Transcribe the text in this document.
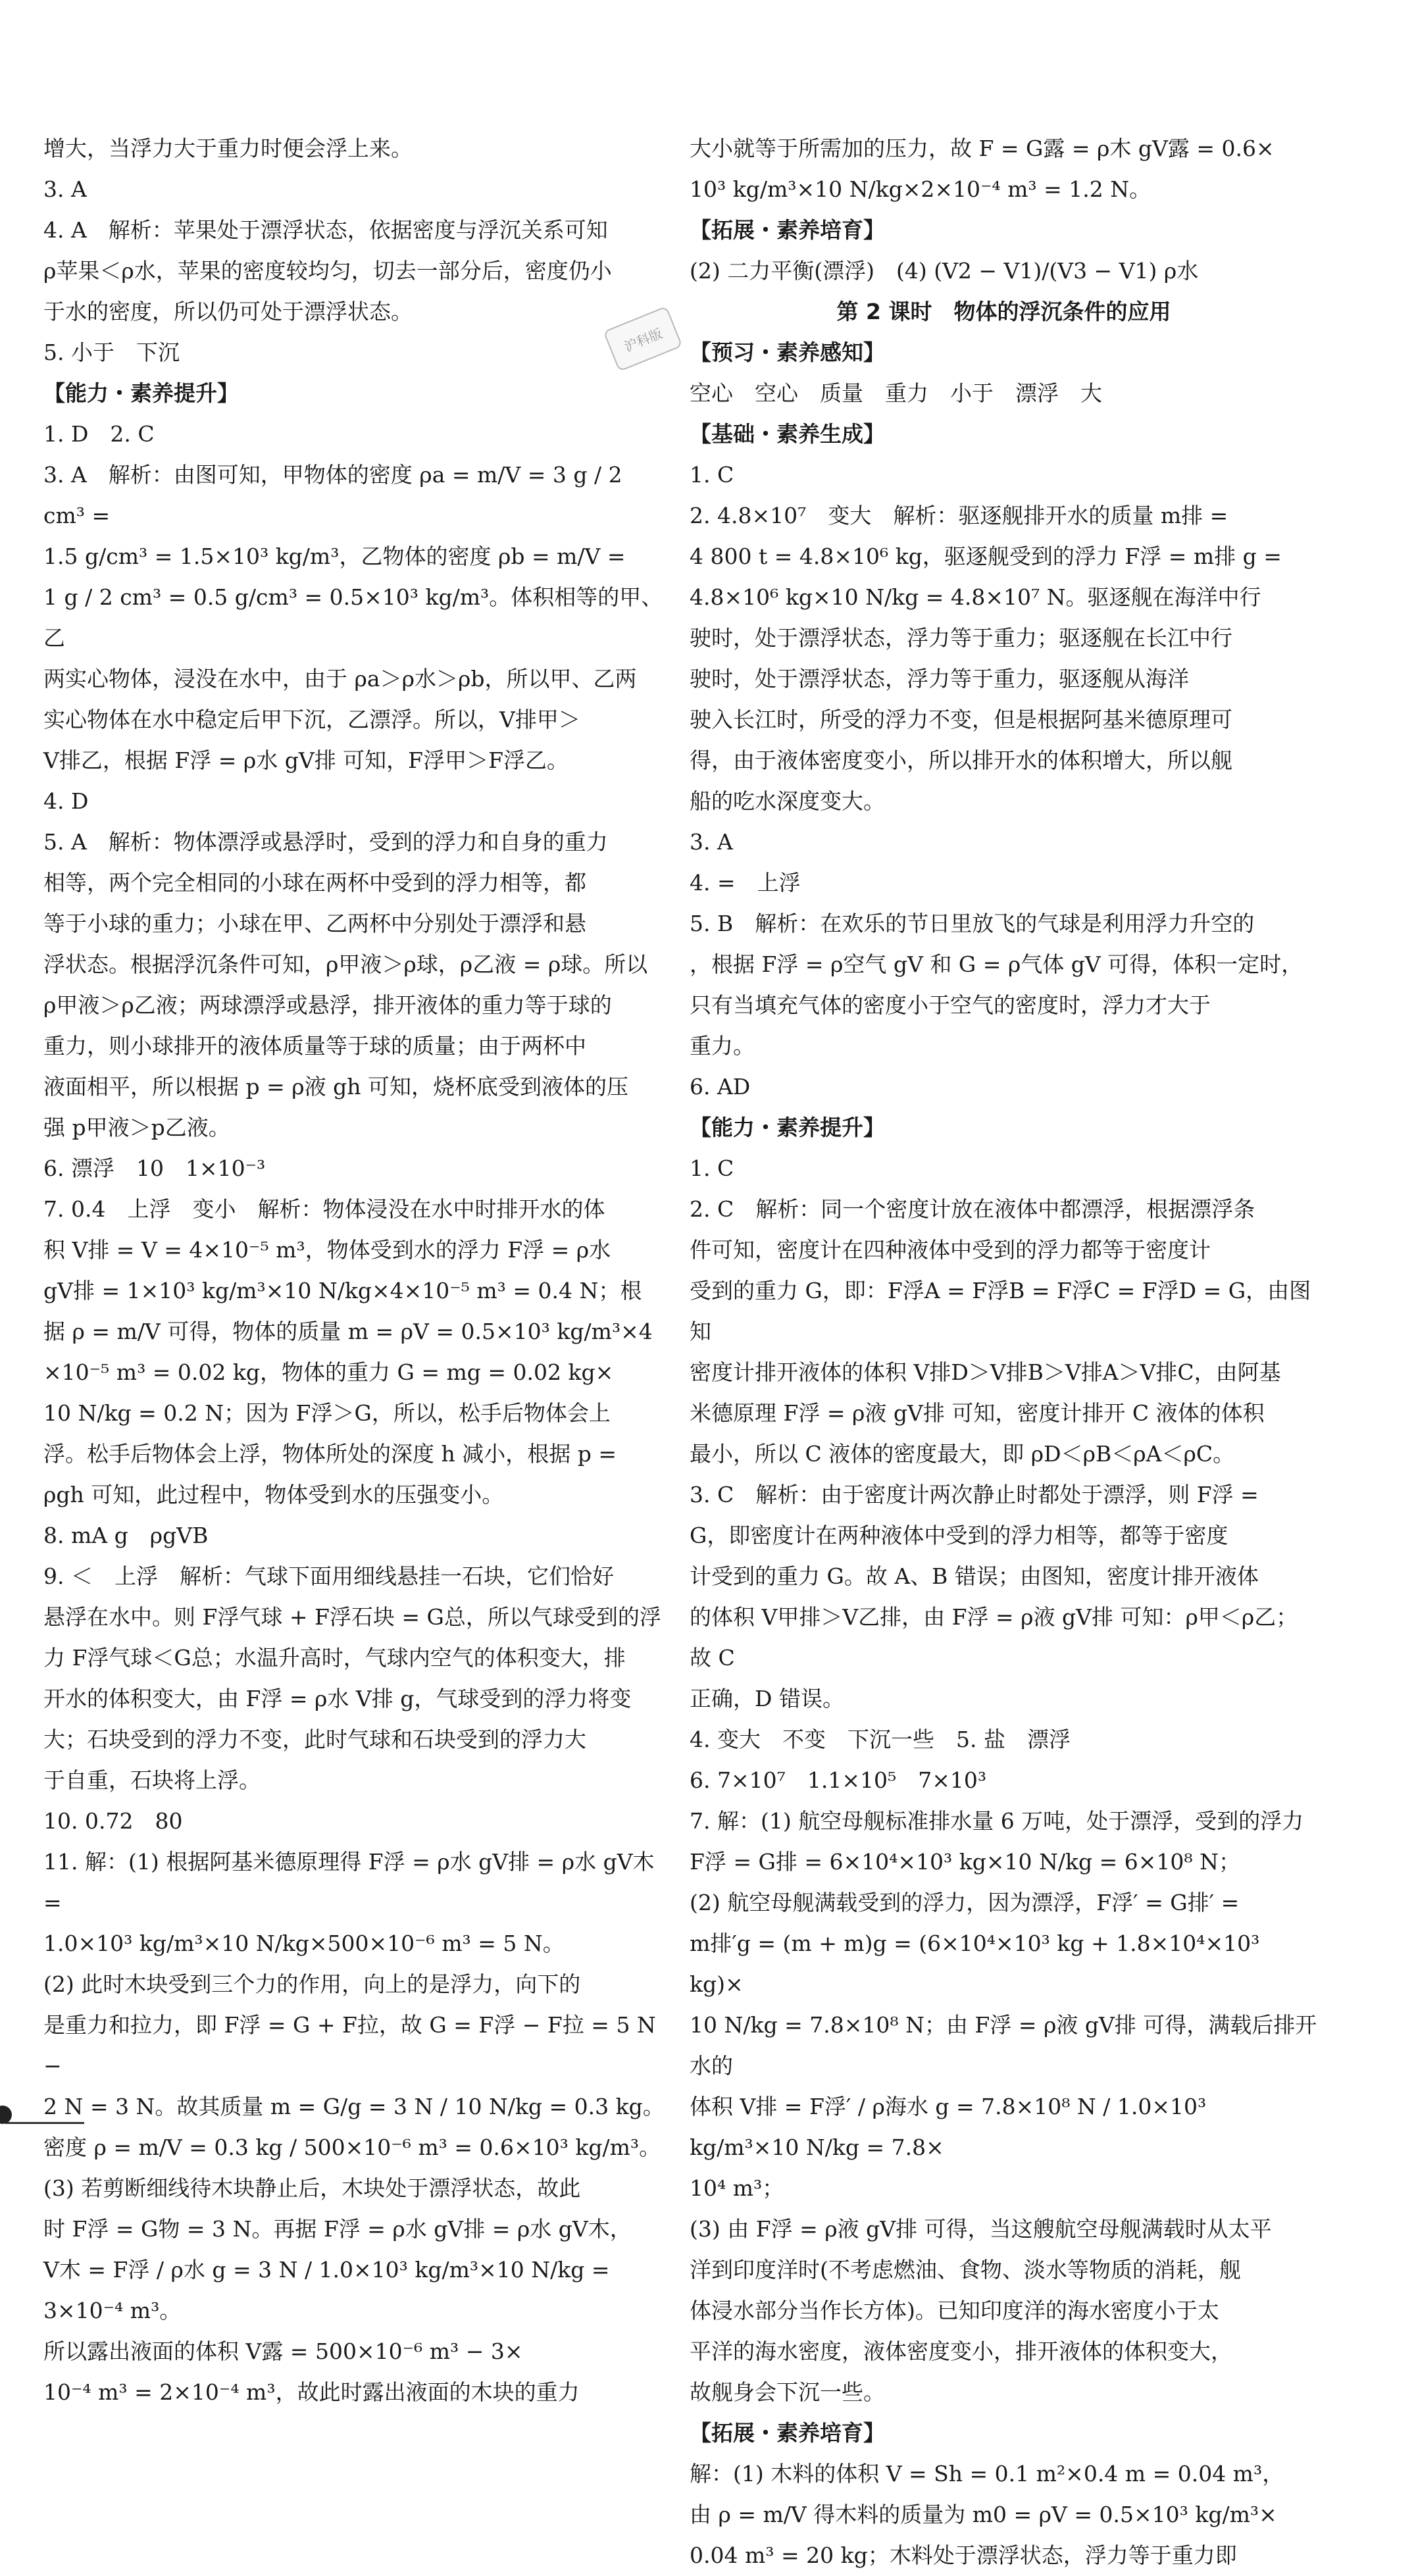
增大，当浮力大于重力时便会浮上来。

3. A

4. A　解析：苹果处于漂浮状态，依据密度与浮沉关系可知

ρ苹果＜ρ水，苹果的密度较均匀，切去一部分后，密度仍小

于水的密度，所以仍可处于漂浮状态。

5. 小于　下沉

【能力・素养提升】

1. D　2. C

3. A　解析：由图可知，甲物体的密度 ρa = m/V = 3 g / 2 cm³ =

1.5 g/cm³ = 1.5×10³ kg/m³，乙物体的密度 ρb = m/V =

1 g / 2 cm³ = 0.5 g/cm³ = 0.5×10³ kg/m³。体积相等的甲、乙

两实心物体，浸没在水中，由于 ρa＞ρ水＞ρb，所以甲、乙两

实心物体在水中稳定后甲下沉，乙漂浮。所以，V排甲＞

V排乙，根据 F浮 = ρ水 gV排 可知，F浮甲＞F浮乙。

4. D

5. A　解析：物体漂浮或悬浮时，受到的浮力和自身的重力

相等，两个完全相同的小球在两杯中受到的浮力相等，都

等于小球的重力；小球在甲、乙两杯中分别处于漂浮和悬

浮状态。根据浮沉条件可知，ρ甲液＞ρ球，ρ乙液 = ρ球。所以

ρ甲液＞ρ乙液；两球漂浮或悬浮，排开液体的重力等于球的

重力，则小球排开的液体质量等于球的质量；由于两杯中

液面相平，所以根据 p = ρ液 gh 可知，烧杯底受到液体的压

强 p甲液＞p乙液。

6. 漂浮　10　1×10⁻³

7. 0.4　上浮　变小　解析：物体浸没在水中时排开水的体

积 V排 = V = 4×10⁻⁵ m³，物体受到水的浮力 F浮 = ρ水

gV排 = 1×10³ kg/m³×10 N/kg×4×10⁻⁵ m³ = 0.4 N；根

据 ρ = m/V 可得，物体的质量 m = ρV = 0.5×10³ kg/m³×4

×10⁻⁵ m³ = 0.02 kg，物体的重力 G = mg = 0.02 kg×

10 N/kg = 0.2 N；因为 F浮＞G，所以，松手后物体会上

浮。松手后物体会上浮，物体所处的深度 h 减小，根据 p =

ρgh 可知，此过程中，物体受到水的压强变小。

8. mA g　ρgVB

9. ＜　上浮　解析：气球下面用细线悬挂一石块，它们恰好

悬浮在水中。则 F浮气球 + F浮石块 = G总，所以气球受到的浮

力 F浮气球＜G总；水温升高时，气球内空气的体积变大，排

开水的体积变大，由 F浮 = ρ水 V排 g，气球受到的浮力将变

大；石块受到的浮力不变，此时气球和石块受到的浮力大

于自重，石块将上浮。

10. 0.72　80

11. 解：(1) 根据阿基米德原理得 F浮 = ρ水 gV排 = ρ水 gV木 =

1.0×10³ kg/m³×10 N/kg×500×10⁻⁶ m³ = 5 N。

(2) 此时木块受到三个力的作用，向上的是浮力，向下的

是重力和拉力，即 F浮 = G + F拉，故 G = F浮 − F拉 = 5 N −

2 N = 3 N。故其质量 m = G/g = 3 N / 10 N/kg = 0.3 kg。

密度 ρ = m/V = 0.3 kg / 500×10⁻⁶ m³ = 0.6×10³ kg/m³。

(3) 若剪断细线待木块静止后，木块处于漂浮状态，故此

时 F浮 = G物 = 3 N。再据 F浮 = ρ水 gV排 = ρ水 gV木，

V木 = F浮 / ρ水 g = 3 N / 1.0×10³ kg/m³×10 N/kg = 3×10⁻⁴ m³。

所以露出液面的体积 V露 = 500×10⁻⁶ m³ − 3×

10⁻⁴ m³ = 2×10⁻⁴ m³，故此时露出液面的木块的重力

大小就等于所需加的压力，故 F = G露 = ρ木 gV露 = 0.6×

10³ kg/m³×10 N/kg×2×10⁻⁴ m³ = 1.2 N。

【拓展・素养培育】

(2) 二力平衡(漂浮)　(4) (V2 − V1)/(V3 − V1) ρ水

第 2 课时　物体的浮沉条件的应用

【预习・素养感知】

空心　空心　质量　重力　小于　漂浮　大

【基础・素养生成】

1. C

2. 4.8×10⁷　变大　解析：驱逐舰排开水的质量 m排 =

4 800 t = 4.8×10⁶ kg，驱逐舰受到的浮力 F浮 = m排 g =

4.8×10⁶ kg×10 N/kg = 4.8×10⁷ N。驱逐舰在海洋中行

驶时，处于漂浮状态，浮力等于重力；驱逐舰在长江中行

驶时，处于漂浮状态，浮力等于重力，驱逐舰从海洋

驶入长江时，所受的浮力不变，但是根据阿基米德原理可

得，由于液体密度变小，所以排开水的体积增大，所以舰

船的吃水深度变大。

3. A

4. =　上浮

5. B　解析：在欢乐的节日里放飞的气球是利用浮力升空的

，根据 F浮 = ρ空气 gV 和 G = ρ气体 gV 可得，体积一定时，

只有当填充气体的密度小于空气的密度时，浮力才大于

重力。

6. AD

【能力・素养提升】

1. C

2. C　解析：同一个密度计放在液体中都漂浮，根据漂浮条

件可知，密度计在四种液体中受到的浮力都等于密度计

受到的重力 G，即：F浮A = F浮B = F浮C = F浮D = G，由图知

密度计排开液体的体积 V排D＞V排B＞V排A＞V排C，由阿基

米德原理 F浮 = ρ液 gV排 可知，密度计排开 C 液体的体积

最小，所以 C 液体的密度最大，即 ρD＜ρB＜ρA＜ρC。

3. C　解析：由于密度计两次静止时都处于漂浮，则 F浮 =

G，即密度计在两种液体中受到的浮力相等，都等于密度

计受到的重力 G。故 A、B 错误；由图知，密度计排开液体

的体积 V甲排＞V乙排，由 F浮 = ρ液 gV排 可知：ρ甲＜ρ乙；故 C

正确，D 错误。

4. 变大　不变　下沉一些　5. 盐　漂浮

6. 7×10⁷　1.1×10⁵　7×10³

7. 解：(1) 航空母舰标准排水量 6 万吨，处于漂浮，受到的浮力

F浮 = G排 = 6×10⁴×10³ kg×10 N/kg = 6×10⁸ N；

(2) 航空母舰满载受到的浮力，因为漂浮，F浮′ = G排′ =

m排′g = (m + m)g = (6×10⁴×10³ kg + 1.8×10⁴×10³ kg)×

10 N/kg = 7.8×10⁸ N；由 F浮 = ρ液 gV排 可得，满载后排开水的

体积 V排 = F浮′ / ρ海水 g = 7.8×10⁸ N / 1.0×10³ kg/m³×10 N/kg = 7.8×

10⁴ m³；

(3) 由 F浮 = ρ液 gV排 可得，当这艘航空母舰满载时从太平

洋到印度洋时(不考虑燃油、食物、淡水等物质的消耗，舰

体浸水部分当作长方体)。已知印度洋的海水密度小于太

平洋的海水密度，液体密度变小，排开液体的体积变大，

故舰身会下沉一些。

【拓展・素养培育】

解：(1) 木料的体积 V = Sh = 0.1 m²×0.4 m = 0.04 m³，

由 ρ = m/V 得木料的质量为 m0 = ρV = 0.5×10³ kg/m³×

0.04 m³ = 20 kg；木料处于漂浮状态，浮力等于重力即

沪科版
